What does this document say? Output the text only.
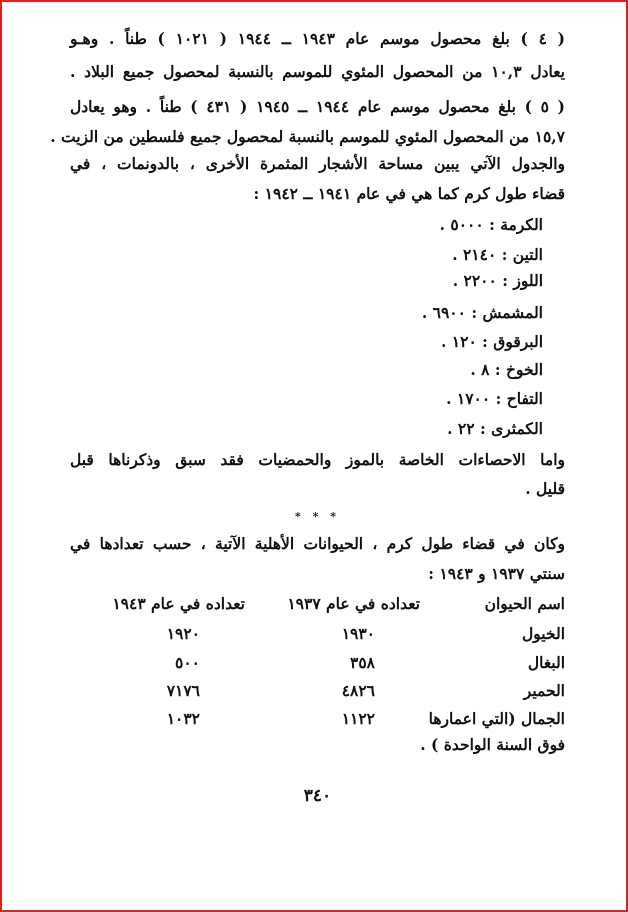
( ٤ ) بلغ محصول موسم عام ١٩٤٣ ــ ١٩٤٤ ( ١٠٢١ ) طناً . وهـو
يعادل ١٠,٣ من المحصول المئوي للموسم بالنسبة لمحصول جميع البلاد .
( ٥ ) بلغ محصول موسم عام ١٩٤٤ ــ ١٩٤٥ ( ٤٣١ ) طناً . وهو يعادل
١٥,٧ من المحصول المئوي للموسم بالنسبة لمحصول جميع فلسطين من الزيت .
والجدول الآتي يبين مساحة الأشجار المثمرة الأخرى ، بالدونمات ، في
قضاء طول كرم كما هي في عام ١٩٤١ ــ ١٩٤٢ :
الكرمة : ٥٠٠٠ .
التين : ٢١٤٠ .
اللوز : ٢٢٠٠ .
المشمش : ٦٩٠٠ .
البرقوق : ١٢٠ .
الخوخ : ٨ .
التفاح : ١٧٠٠ .
الكمثرى : ٢٢ .
واما الاحصاءات الخاصة بالموز والحمضيات فقد سبق وذكرناها قبل
قليل .
* * *
وكان في قضاء طول كرم ، الحيوانات الأهلية الآتية ، حسب تعدادها في
سنتي ١٩٣٧ و ١٩٤٣ :
اسم الحيوان
تعداده في عام ١٩٣٧
تعداده في عام ١٩٤٣
الخيول
١٩٣٠
١٩٢٠
البغال
٣٥٨
٥٠٠
الحمير
٤٨٢٦
٧١٧٦
الجمال (التي اعمارها
١١٢٢
١٠٣٢
فوق السنة الواحدة ) .
٣٤٠
